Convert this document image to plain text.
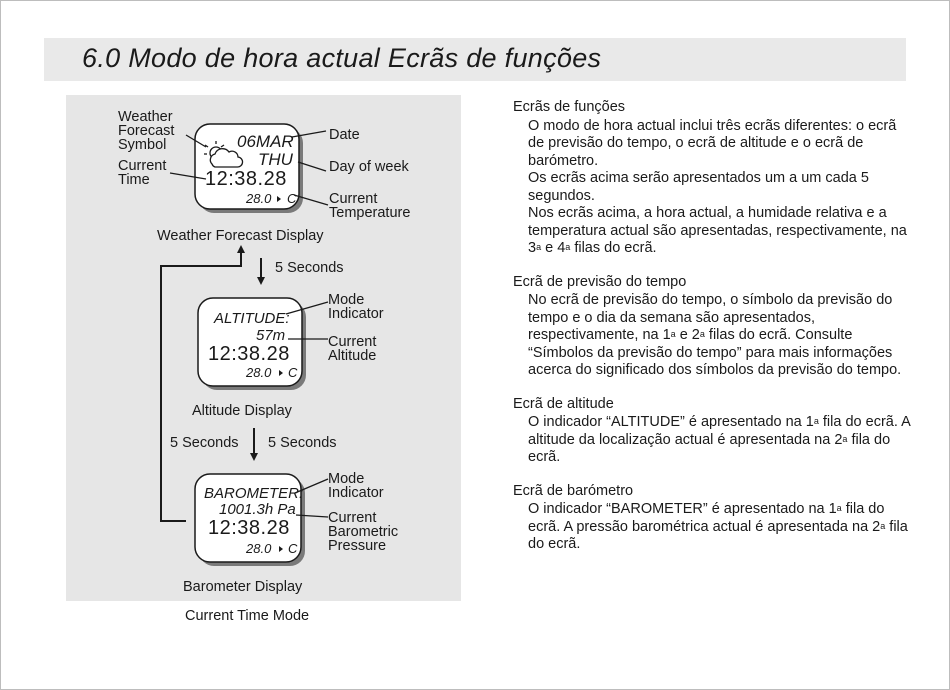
6.0 Modo de hora actual Ecrãs de funções
Weather
Forecast
Symbol
Current
Time
Date
Day of week
Current
Temperature
06MAR
THU
12:38.28
28.0 C
Weather Forecast Display
5 Seconds
Mode
Indicator
Current
Altitude
ALTITUDE:
57m
12:38.28
28.0 C
Altitude Display
5 Seconds 5 Seconds
Mode
Indicator
Current
Barometric
Pressure
BAROMETER:
1001.3h Pa
12:38.28
28.0 C
Barometer Display
Current Time Mode
Ecrãs de funções

O modo de hora actual inclui três ecrãs diferentes: o ecrã de previsão do tempo, o ecrã de altitude e o ecrã de barómetro.

Os ecrãs acima serão apresentados um a um cada 5 segundos.

Nos ecrãs acima, a hora actual, a humidade relativa e a temperatura actual são apresentadas, respectivamente, na 3$^a$ e 4$^a$ filas do ecrã.

Ecrã de previsão do tempo

No ecrã de previsão do tempo, o símbolo da previsão do tempo e o dia da semana são apresentados, respectivamente, na 1$^a$ e 2$^a$ filas do ecrã. Consulte “Símbolos da previsão do tempo” para mais informações acerca do significado dos símbolos da previsão do tempo.

Ecrã de altitude

O indicador “ALTITUDE” é apresentado na 1$^a$ fila do ecrã. A altitude da localização actual é apresentada na 2$^a$ fila do ecrã.

Ecrã de barómetro

O indicador “BAROMETER” é apresentado na 1$^a$ fila do ecrã. A pressão barométrica actual é apresentada na 2$^a$ fila do ecrã.
